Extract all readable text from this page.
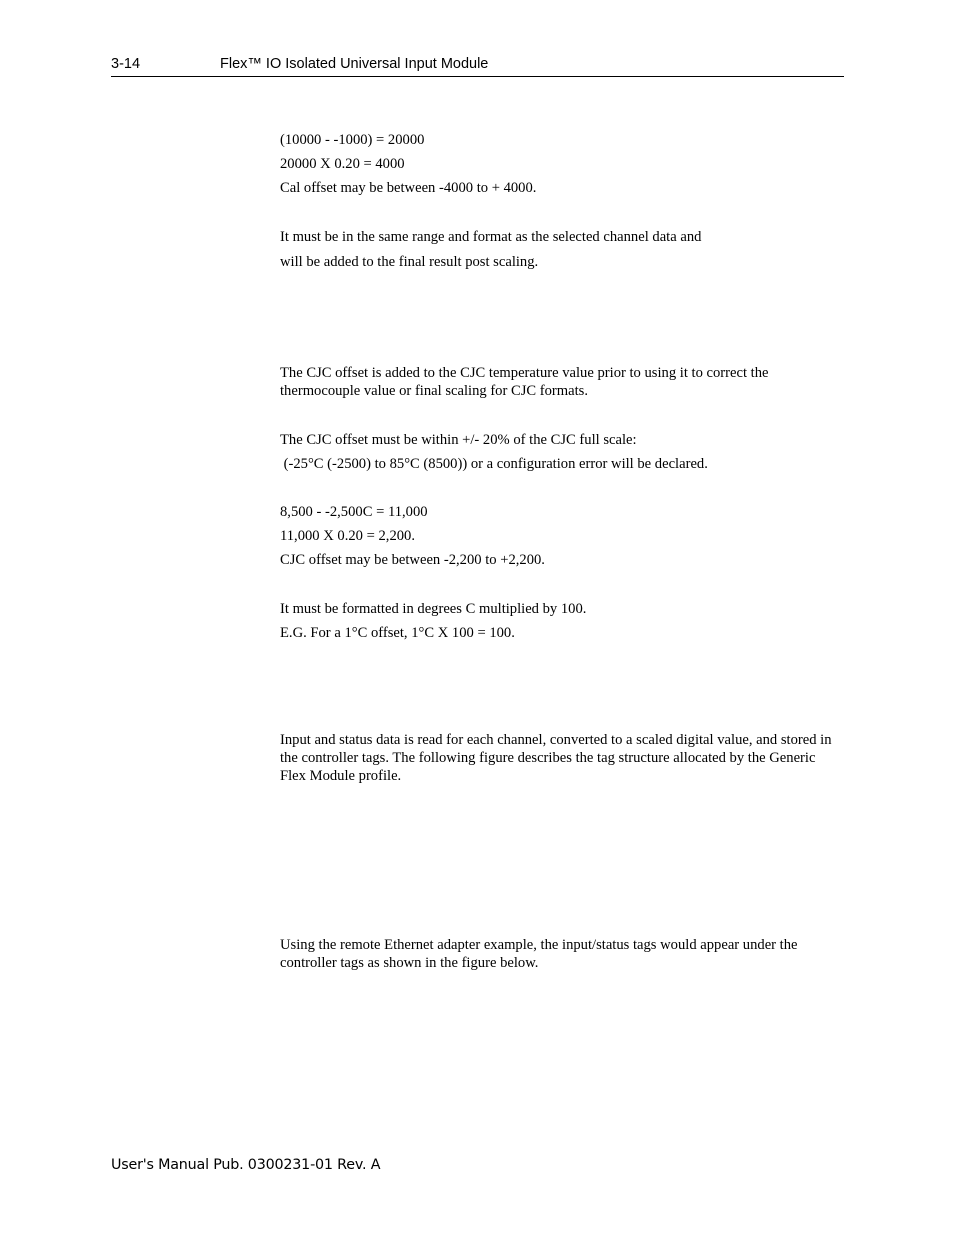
3-14	Flex™ IO Isolated Universal Input Module

(10000 - -1000) = 20000

20000 X 0.20 = 4000

Cal offset may be between -4000 to + 4000.

It must be in the same range and format as the selected channel data and

will be added to the final result post scaling.

The CJC offset is added to the CJC temperature value prior to using it to correct the thermocouple value or final scaling for CJC formats.

The CJC offset must be within +/- 20% of the CJC full scale:

(-25°C (-2500) to 85°C (8500)) or a configuration error will be declared.

8,500 - -2,500C = 11,000

11,000 X 0.20 = 2,200.

CJC offset may be between -2,200 to +2,200.

It must be formatted in degrees C multiplied by 100.

E.G. For a 1°C offset, 1°C X 100 = 100.

Input and status data is read for each channel, converted to a scaled digital value, and stored in the controller tags. The following figure describes the tag structure allocated by the Generic Flex Module profile.

Using the remote Ethernet adapter example, the input/status tags would appear under the controller tags as shown in the figure below.

User's Manual Pub. 0300231-01 Rev. A
